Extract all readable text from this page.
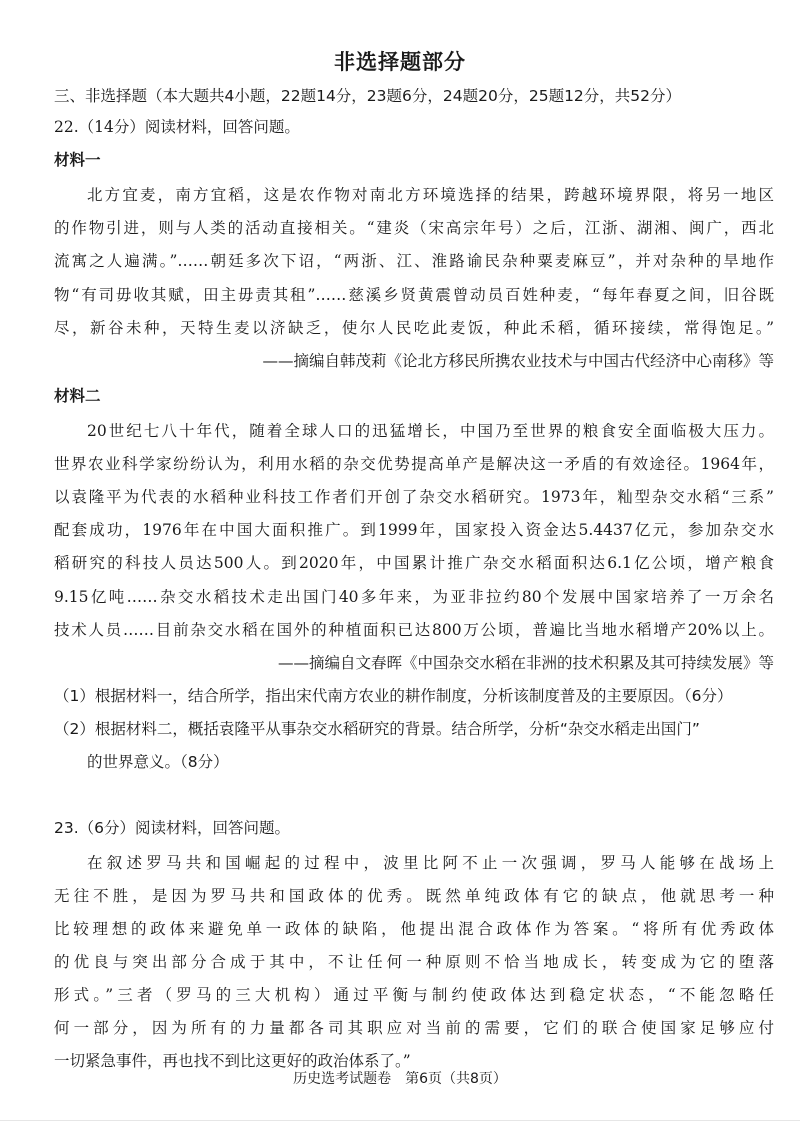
非选择题部分
三、非选择题（本大题共4小题，22题14分，23题6分，24题20分，25题12分，共52分）
22.（14分）阅读材料，回答问题。
材料一
北方宜麦，南方宜稻，这是农作物对南北方环境选择的结果，跨越环境界限，将另一地区
的作物引进，则与人类的活动直接相关。“建炎（宋高宗年号）之后，江浙、湖湘、闽广，西北
流寓之人遍满。”……朝廷多次下诏，“两浙、江、淮路谕民杂种粟麦麻豆”，并对杂种的旱地作
物“有司毋收其赋，田主毋责其租”……慈溪乡贤黄震曾动员百姓种麦，“每年春夏之间，旧谷既
尽，新谷未种，天特生麦以济缺乏，使尔人民吃此麦饭，种此禾稻，循环接续，常得饱足。”
——摘编自韩茂莉《论北方移民所携农业技术与中国古代经济中心南移》等
材料二
20世纪七八十年代，随着全球人口的迅猛增长，中国乃至世界的粮食安全面临极大压力。
世界农业科学家纷纷认为，利用水稻的杂交优势提高单产是解决这一矛盾的有效途径。1964年，
以袁隆平为代表的水稻种业科技工作者们开创了杂交水稻研究。1973年，籼型杂交水稻“三系”
配套成功，1976年在中国大面积推广。到1999年，国家投入资金达5.4437亿元，参加杂交水
稻研究的科技人员达500人。到2020年，中国累计推广杂交水稻面积达6.1亿公顷，增产粮食
9.15亿吨……杂交水稻技术走出国门40多年来，为亚非拉约80个发展中国家培养了一万余名
技术人员……目前杂交水稻在国外的种植面积已达800万公顷，普遍比当地水稻增产20%以上。
——摘编自文春晖《中国杂交水稻在非洲的技术积累及其可持续发展》等
（1）根据材料一，结合所学，指出宋代南方农业的耕作制度，分析该制度普及的主要原因。（6分）
（2）根据材料二，概括袁隆平从事杂交水稻研究的背景。结合所学，分析“杂交水稻走出国门”
的世界意义。（8分）
23.（6分）阅读材料，回答问题。
在叙述罗马共和国崛起的过程中，波里比阿不止一次强调，罗马人能够在战场上
无往不胜，是因为罗马共和国政体的优秀。既然单纯政体有它的缺点，他就思考一种
比较理想的政体来避免单一政体的缺陷，他提出混合政体作为答案。“将所有优秀政体
的优良与突出部分合成于其中，不让任何一种原则不恰当地成长，转变成为它的堕落
形式。”三者（罗马的三大机构）通过平衡与制约使政体达到稳定状态，“不能忽略任
何一部分，因为所有的力量都各司其职应对当前的需要，它们的联合使国家足够应付
一切紧急事件，再也找不到比这更好的政治体系了。”
历史选考试题卷　第6页（共8页）
